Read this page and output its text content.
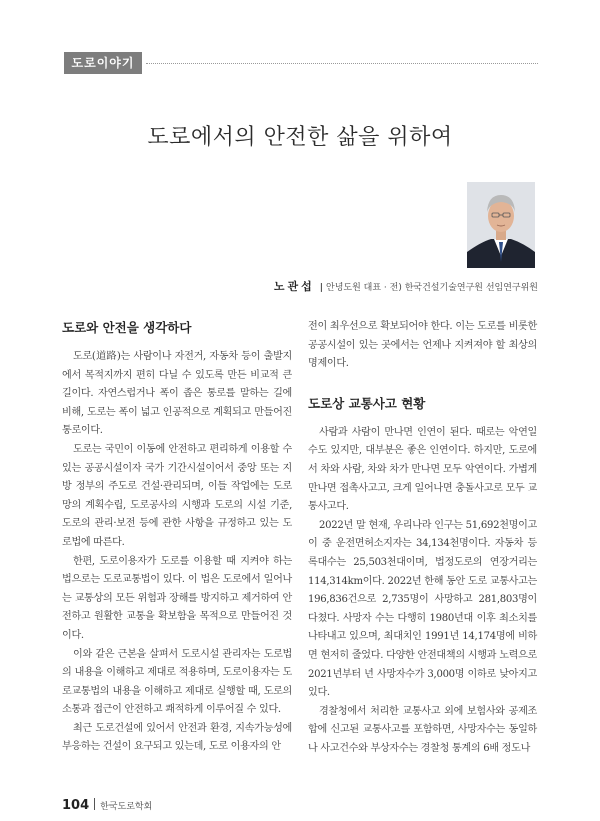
도로이야기
도로에서의 안전한 삶을 위하여
노관섭 | 안녕도원 대표 · 전) 한국건설기술연구원 선임연구위원
도로와 안전을 생각하다

도로(道路)는 사람이나 자전거, 자동차 등이 출발지에서 목적지까지 편히 다닐 수 있도록 만든 비교적 큰 길이다. 자연스럽거나 폭이 좁은 통로를 말하는 길에 비해, 도로는 폭이 넓고 인공적으로 계획되고 만들어진 통로이다.

도로는 국민이 이동에 안전하고 편리하게 이용할 수 있는 공공시설이자 국가 기간시설이어서 중앙 또는 지방 정부의 주도로 건설·관리되며, 이들 작업에는 도로망의 계획수립, 도로공사의 시행과 도로의 시설 기준, 도로의 관리·보전 등에 관한 사항을 규정하고 있는 도로법에 따른다.

한편, 도로이용자가 도로를 이용할 때 지켜야 하는 법으로는 도로교통법이 있다. 이 법은 도로에서 일어나는 교통상의 모든 위험과 장해를 방지하고 제거하여 안전하고 원활한 교통을 확보함을 목적으로 만들어진 것이다.

이와 같은 근본을 살펴서 도로시설 관리자는 도로법의 내용을 이해하고 제대로 적용하며, 도로이용자는 도로교통법의 내용을 이해하고 제대로 실행할 때, 도로의 소통과 접근이 안전하고 쾌적하게 이루어질 수 있다.

최근 도로건설에 있어서 안전과 환경, 지속가능성에 부응하는 건설이 요구되고 있는데, 도로 이용자의 안

전이 최우선으로 확보되어야 한다. 이는 도로를 비롯한 공공시설이 있는 곳에서는 언제나 지켜져야 할 최상의 명제이다.

도로상 교통사고 현황

사람과 사람이 만나면 인연이 된다. 때로는 악연일 수도 있지만, 대부분은 좋은 인연이다. 하지만, 도로에서 차와 사람, 차와 차가 만나면 모두 악연이다. 가볍게 만나면 접촉사고고, 크게 일어나면 충돌사고로 모두 교통사고다.

2022년 말 현재, 우리나라 인구는 51,692천명이고 이 중 운전면허소지자는 34,134천명이다. 자동차 등록대수는 25,503천대이며, 법정도로의 연장거리는 114,314km이다. 2022년 한해 동안 도로 교통사고는 196,836건으로 2,735명이 사망하고 281,803명이 다쳤다. 사망자 수는 다행히 1980년대 이후 최소치를 나타내고 있으며, 최대치인 1991년 14,174명에 비하면 현저히 줄었다. 다양한 안전대책의 시행과 노력으로 2021년부터 년 사망자수가 3,000명 이하로 낮아지고 있다.

경찰청에서 처리한 교통사고 외에 보험사와 공제조합에 신고된 교통사고를 포함하면, 사망자수는 동일하나 사고건수와 부상자수는 경찰청 통계의 6배 정도나

104 한국도로학회
